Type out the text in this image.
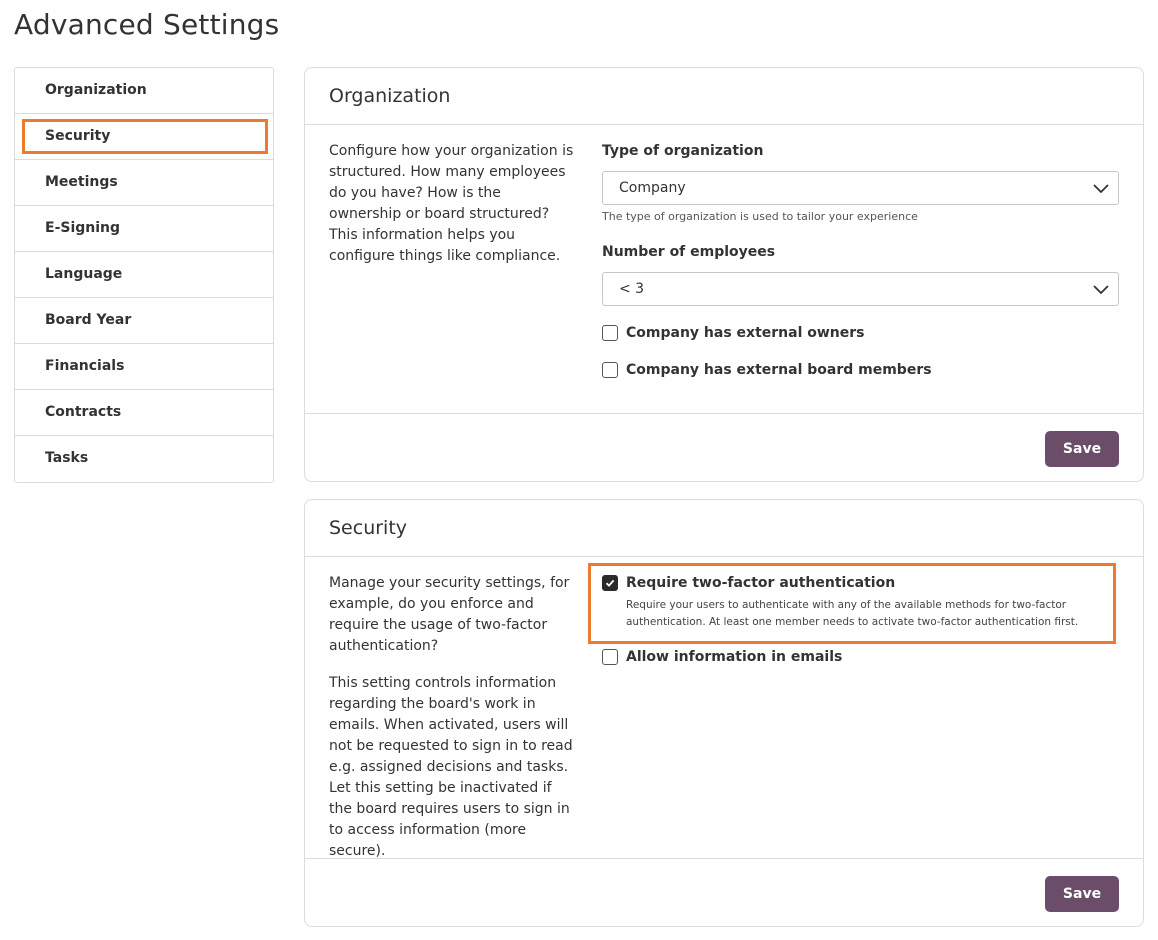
Advanced Settings
Organization
Security
Meetings
E-Signing
Language
Board Year
Financials
Contracts
Tasks
Organization

Configure how your organization is structured. How many employees do you have? How is the ownership or board structured? This information helps you configure things like compliance.

Type of organization
Company
The type of organization is used to tailor your experience
Number of employees
< 3
Company has external owners
Company has external board members
Save
Security

Manage your security settings, for example, do you enforce and require the usage of two-factor authentication?

This setting controls information regarding the board's work in emails. When activated, users will not be requested to sign in to read e.g. assigned decisions and tasks. Let this setting be inactivated if the board requires users to sign in to access information (more secure).

Require two-factor authentication

Require your users to authenticate with any of the available methods for two-factor authentication. At least one member needs to activate two-factor authentication first.

Allow information in emails
Save
